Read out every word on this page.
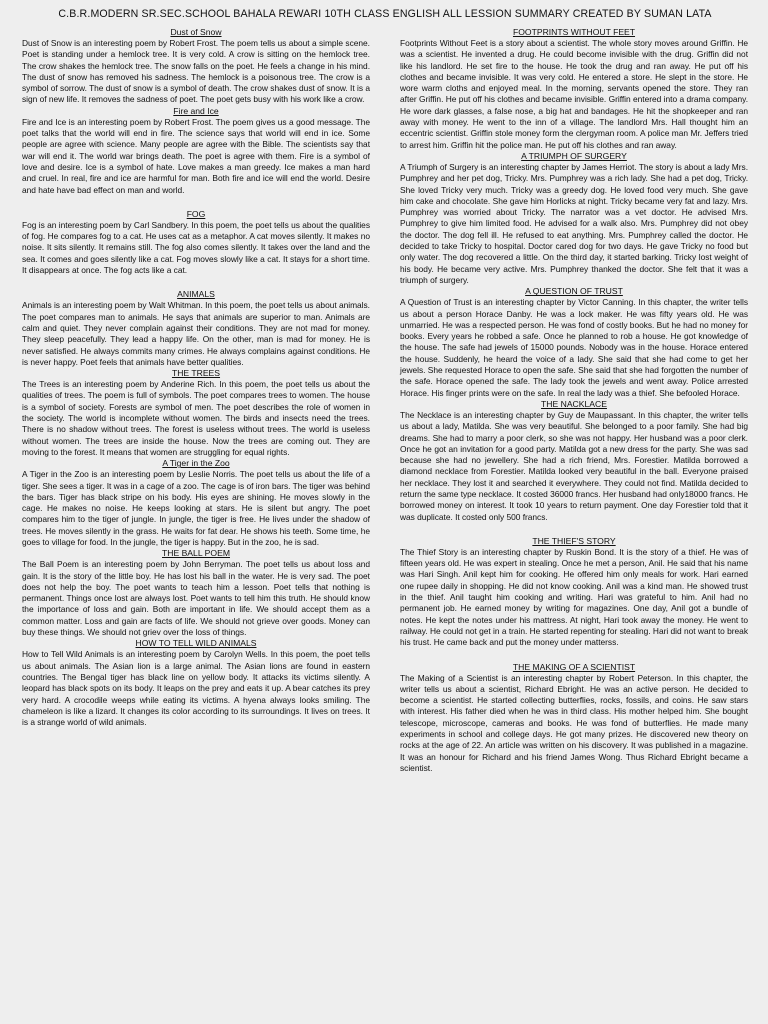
C.B.R.MODERN SR.SEC.SCHOOL BAHALA REWARI 10TH CLASS ENGLISH ALL LESSION SUMMARY CREATED BY SUMAN LATA
Dust of Snow
Dust of Snow is an interesting poem by Robert Frost. The poem tells us about a simple scene. Poet is standing under a hemlock tree. It is very cold. A crow is sitting on the hemlock tree. The crow shakes the hemlock tree. The snow falls on the poet. He feels a change in his mind. The dust of snow has removed his sadness. The hemlock is a poisonous tree. The crow is a symbol of sorrow. The dust of snow is a symbol of death. The crow shakes dust of snow. It is a sign of new life. It removes the sadness of poet. The poet gets busy with his work like a crow.
Fire and Ice
Fire and Ice is an interesting poem by Robert Frost. The poem gives us a good message. The poet talks that the world will end in fire. The science says that world will end in ice. Some people are agree with science. Many people are agree with the Bible. The scientists say that war will end it. The world war brings death. The poet is agree with them. Fire is a symbol of love and desire. Ice is a symbol of hate. Love makes a man greedy. Ice makes a man hard and cruel. In real, fire and ice are harmful for man. Both fire and ice will end the world. Desire and hate have bad effect on man and world.
FOG
Fog is an interesting poem by Carl Sandbery. In this poem, the poet tells us about the qualities of fog. He compares fog to a cat. He uses cat as a metaphor. A cat moves silently. It makes no noise. It sits silently. It remains still. The fog also comes silently. It takes over the land and the sea. It comes and goes silently like a cat. Fog moves slowly like a cat. It stays for a short time. It disappears at once. The fog acts like a cat.
ANIMALS
Animals is an interesting poem by Walt Whitman. In this poem, the poet tells us about animals. The poet compares man to animals. He says that animals are superior to man. Animals are calm and quiet. They never complain against their conditions. They are not mad for money. They sleep peacefully. They lead a happy life. On the other, man is mad for money. He is never satisfied. He always commits many crimes. He always complains against conditions. He is never happy. Poet feels that animals have better qualities.
THE TREES
The Trees is an interesting poem by Anderine Rich. In this poem, the poet tells us about the qualities of trees. The poem is full of symbols. The poet compares trees to women. The house is a symbol of society. Forests are symbol of men. The poet describes the role of women in the society. The world is incomplete without women. The birds and insects need the trees. There is no shadow without trees. The forest is useless without trees. The world is useless without women. The trees are inside the house. Now the trees are coming out. They are moving to the forest. It means that women are struggling for equal rights.
A Tiger in the Zoo
A Tiger in the Zoo is an interesting poem by Leslie Norris. The poet tells us about the life of a tiger. She sees a tiger. It was in a cage of a zoo. The cage is of iron bars. The tiger was behind the bars. Tiger has black stripe on his body. His eyes are shining. He moves slowly in the cage. He makes no noise. He keeps looking at stars. He is silent but angry. The poet compares him to the tiger of jungle. In jungle, the tiger is free. He lives under the shadow of trees. He moves silently in the grass. He waits for fat dear. He shows his teeth. Some time, he goes to village for food. In the jungle, the tiger is happy. But in the zoo, he is sad.
THE BALL POEM
The Ball Poem is an interesting poem by John Berryman. The poet tells us about loss and gain. It is the story of the little boy. He has lost his ball in the water. He is very sad. The poet does not help the boy. The poet wants to teach him a lesson. Poet tells that nothing is permanent. Things once lost are always lost. Poet wants to tell him this truth. He should know the importance of loss and gain. Both are important in life. We should accept them as a common matter. Loss and gain are facts of life. We should not grieve over goods. Money can buy these things. We should not griev over the loss of things.
HOW TO TELL WILD ANIMALS
How to Tell Wild Animals is an interesting poem by Carolyn Wells. In this poem, the poet tells us about animals. The Asian lion is a large animal. The Asian lions are found in eastern countries. The Bengal tiger has black line on yellow body. It attacks its victims silently. A leopard has black spots on its body. It leaps on the prey and eats it up. A bear catches its prey very hard. A crocodile weeps while eating its victims. A hyena always looks smiling. The chameleon is like a lizard. It changes its color according to its surroundings. It lives on trees. It is a strange world of wild animals.
FOOTPRINTS WITHOUT FEET
Footprints Without Feet is a story about a scientist. The whole story moves around Griffin. He was a scientist. He invented a drug. He could become invisible with the drug. Griffin did not like his landlord. He set fire to the house. He took the drug and ran away. He put off his clothes and became invisible. It was very cold. He entered a store. He slept in the store. He wore warm cloths and enjoyed meal. In the morning, servants opened the store. They ran after Griffin. He put off his clothes and became invisible. Griffin entered into a drama company. He wore dark glasses, a false nose, a big hat and bandages. He hit the shopkeeper and ran away with money. He went to the inn of a village. The landlord Mrs. Hall thought him an eccentric scientist. Griffin stole money form the clergyman room. A police man Mr. Jeffers tried to arrest him. Griffin hit the police man. He put off his clothes and ran away.
A TRIUMPH OF SURGERY
A Triumph of Surgery is an interesting chapter by James Herriot. The story is about a lady Mrs. Pumphrey and her pet dog, Tricky. Mrs. Pumphrey was a rich lady. She had a pet dog, Tricky. She loved Tricky very much. Tricky was a greedy dog. He loved food very much. She gave him cake and chocolate. She gave him Horlicks at night. Tricky became very fat and lazy. Mrs. Pumphrey was worried about Tricky. The narrator was a vet doctor. He advised Mrs. Pumphrey to give him limited food. He advised for a walk also. Mrs. Pumphrey did not obey the doctor. The dog fell ill. He refused to eat anything. Mrs. Pumphrey called the doctor. He decided to take Tricky to hospital. Doctor cared dog for two days. He gave Tricky no food but only water. The dog recovered a little. On the third day, it started barking. Tricky lost weight of his body. He became very active. Mrs. Pumphrey thanked the doctor. She felt that it was a triumph of surgery.
A QUESTION OF TRUST
A Question of Trust is an interesting chapter by Victor Canning. In this chapter, the writer tells us about a person Horace Danby. He was a lock maker. He was fifty years old. He was unmarried. He was a respected person. He was fond of costly books. But he had no money for books. Every years he robbed a safe. Once he planned to rob a house. He got knowledge of the house. The safe had jewels of 15000 pounds. Nobody was in the house. Horace entered the house. Suddenly, he heard the voice of a lady. She said that she had come to get her jewels. She requested Horace to open the safe. She said that she had forgotten the number of the safe. Horace opened the safe. The lady took the jewels and went away. Police arrested Horace. His finger prints were on the safe. In real the lady was a thief. She befooled Horace.
THE NACKLACE
The Necklace is an interesting chapter by Guy de Maupassant. In this chapter, the writer tells us about a lady, Matilda. She was very beautiful. She belonged to a poor family. She had big dreams. She had to marry a poor clerk, so she was not happy. Her husband was a poor clerk. Once he got an invitation for a good party. Matilda got a new dress for the party. She was sad because she had no jewellery. She had a rich friend, Mrs. Forestier. Matilda borrowed a diamond necklace from Forestier. Matilda looked very beautiful in the ball. Everyone praised her necklace. They lost it and searched it everywhere. They could not find. Matilda decided to return the same type necklace. It costed 36000 francs. Her husband had only18000 francs. He borrowed money on interest. It took 10 years to return payment. One day Forestier told that it was duplicate. It costed only 500 francs.
THE THIEF'S STORY
The Thief Story is an interesting chapter by Ruskin Bond. It is the story of a thief. He was of fifteen years old. He was expert in stealing. Once he met a person, Anil. He said that his name was Hari Singh. Anil kept him for cooking. He offered him only meals for work. Hari earned one rupee daily in shopping. He did not know cooking. Anil was a kind man. He showed trust in the thief. Anil taught him cooking and writing. Hari was grateful to him. Anil had no permanent job. He earned money by writing for magazines. One day, Anil got a bundle of notes. He kept the notes under his mattress. At night, Hari took away the money. He went to railway. He could not get in a train. He started repenting for stealing. Hari did not want to break his trust. He came back and put the money under matterss.
THE MAKING OF A SCIENTIST
The Making of a Scientist is an interesting chapter by Robert Peterson. In this chapter, the writer tells us about a scientist, Richard Ebright. He was an active person. He decided to become a scientist. He started collecting butterflies, rocks, fossils, and coins. He saw stars with interest. His father died when he was in third class. His mother helped him. She bought telescope, microscope, cameras and books. He was fond of butterflies. He made many experiments in school and college days. He got many prizes. He discovered new theory on rocks at the age of 22. An article was written on his discovery. It was published in a magazine. It was an honour for Richard and his friend James Wong. Thus Richard Ebright became a scientist.
